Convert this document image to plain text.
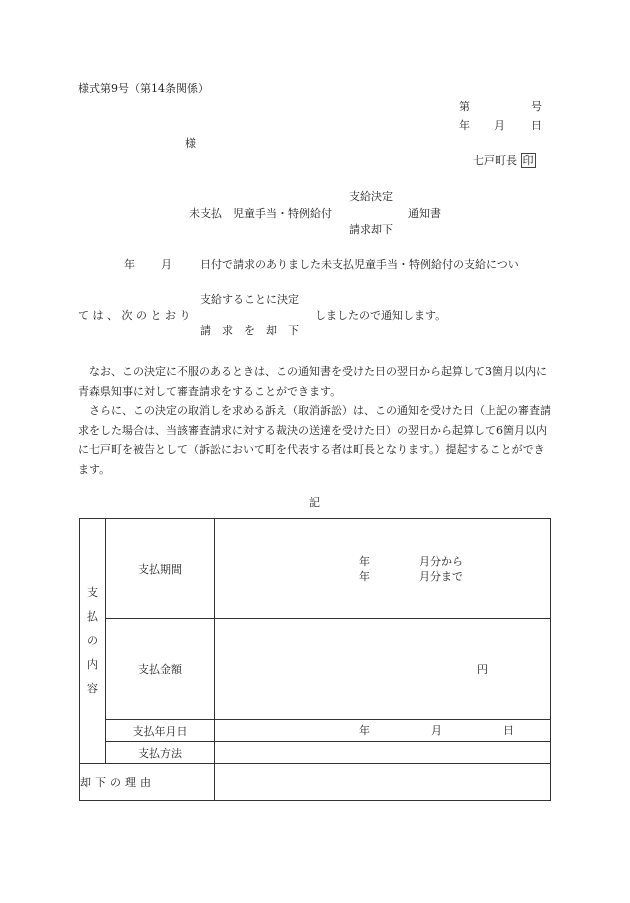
様式第9号（第14条関係）
第	号
年 月 日
様
七戸町長 印
支給決定
未支払　児童手当・特例給付	通知書
請求却下
年 月	日付で請求のありました未支払児童手当・特例給付の支給につい
支給することに決定
て は 、 次 の と お り	しましたので通知します。
請　求　を　却　下
なお、この決定に不服のあるときは、この通知書を受けた日の翌日から起算して3箇月以内に青森県知事に対して審査請求をすることができます。
さらに、この決定の取消しを求める訴え（取消訴訟）は、この通知を受けた日（上記の審査請求をした場合は、当該審査請求に対する裁決の送達を受けた日）の翌日から起算して6箇月以内に七戸町を被告として（訴訟において町を代表する者は町長となります。）提起することができます。
記
支
払
の
内
容	支払期間	年 月分から
年 月分まで

	支払金額	円

	支払年月日	年 月 日

	支払方法	
却下の理由		
